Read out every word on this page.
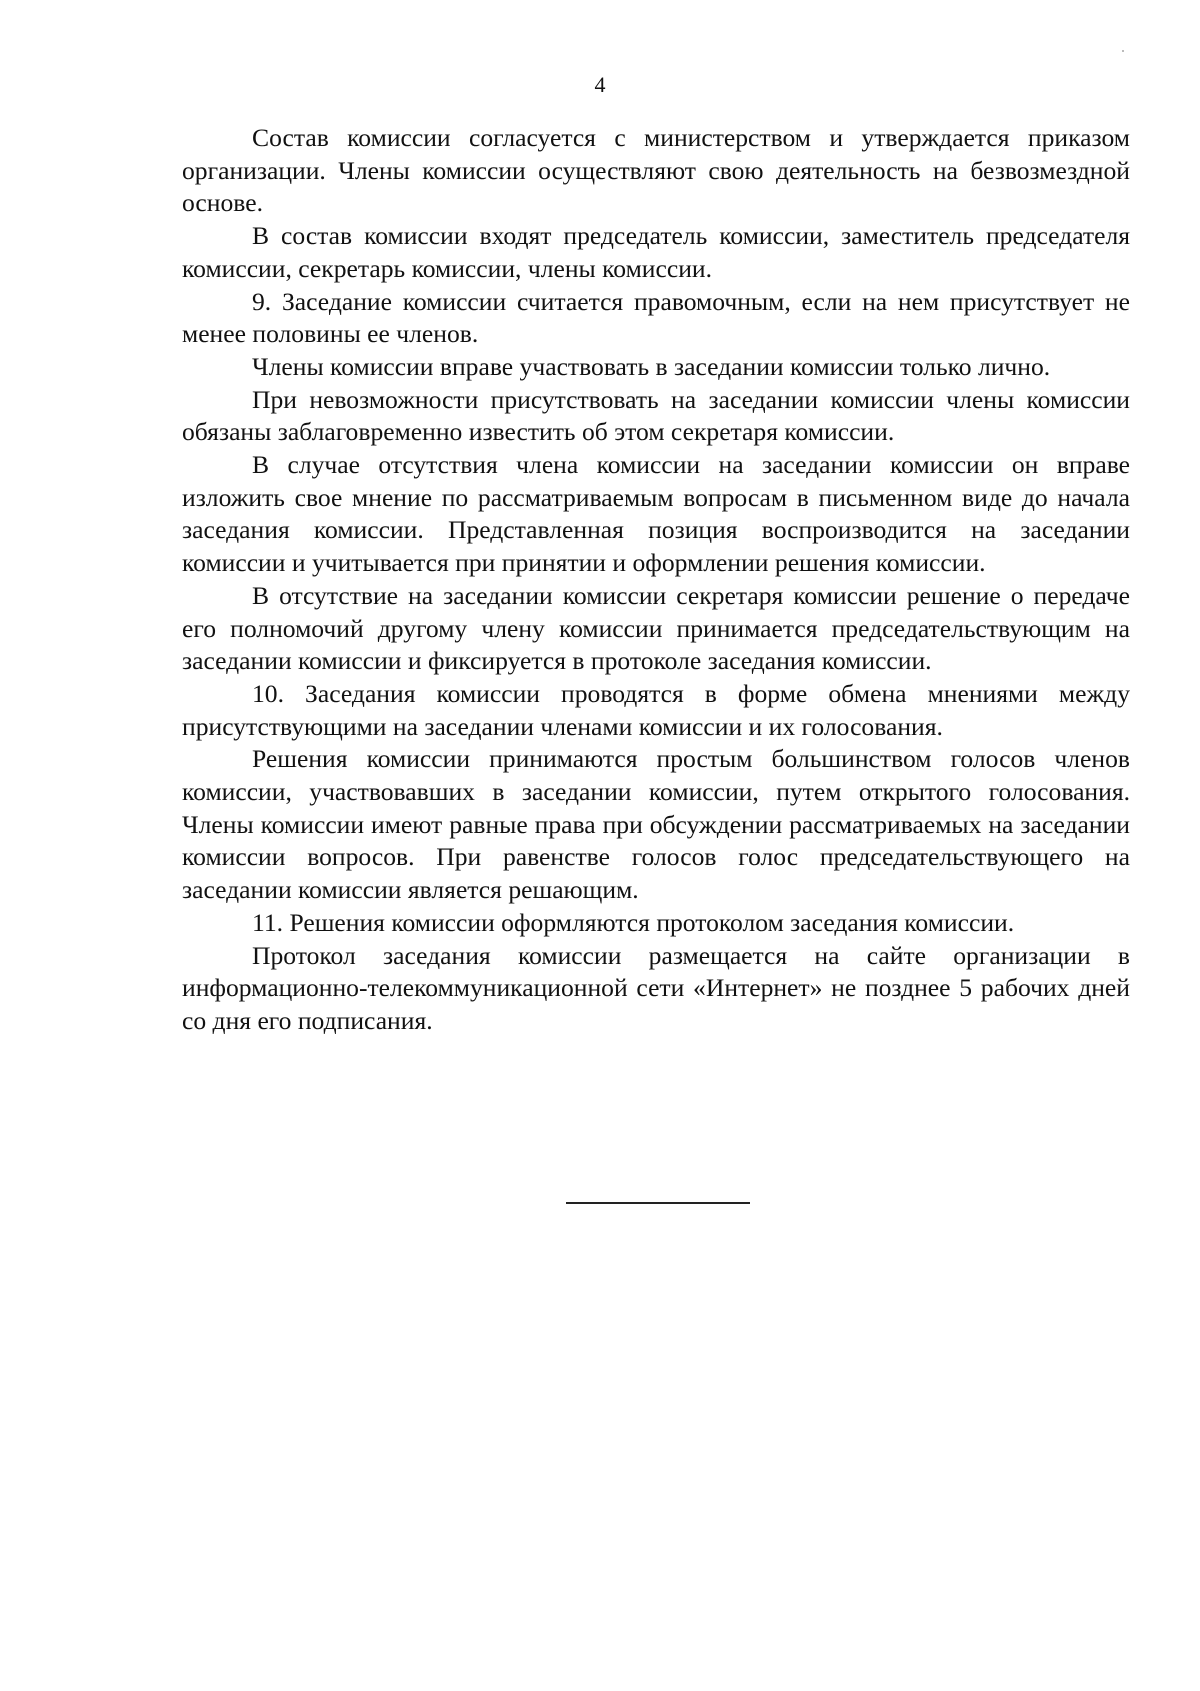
4

Состав комиссии согласуется с министерством и утверждается приказом организации. Члены комиссии осуществляют свою деятельность на безвозмездной основе.

В состав комиссии входят председатель комиссии, заместитель председателя комиссии, секретарь комиссии, члены комиссии.

9. Заседание комиссии считается правомочным, если на нем присутствует не менее половины ее членов.

Члены комиссии вправе участвовать в заседании комиссии только лично.

При невозможности присутствовать на заседании комиссии члены комиссии обязаны заблаговременно известить об этом секретаря комиссии.

В случае отсутствия члена комиссии на заседании комиссии он вправе изложить свое мнение по рассматриваемым вопросам в письменном виде до начала заседания комиссии. Представленная позиция воспроизводится на заседании комиссии и учитывается при принятии и оформлении решения комиссии.

В отсутствие на заседании комиссии секретаря комиссии решение о передаче его полномочий другому члену комиссии принимается председательствующим на заседании комиссии и фиксируется в протоколе заседания комиссии.

10. Заседания комиссии проводятся в форме обмена мнениями между присутствующими на заседании членами комиссии и их голосования.

Решения комиссии принимаются простым большинством голосов членов комиссии, участвовавших в заседании комиссии, путем открытого голосования. Члены комиссии имеют равные права при обсуждении рассматриваемых на заседании комиссии вопросов. При равенстве голосов голос председательствующего на заседании комиссии является решающим.

11. Решения комиссии оформляются протоколом заседания комиссии.

Протокол заседания комиссии размещается на сайте организации в информационно-телекоммуникационной сети «Интернет» не позднее 5 рабочих дней со дня его подписания.
